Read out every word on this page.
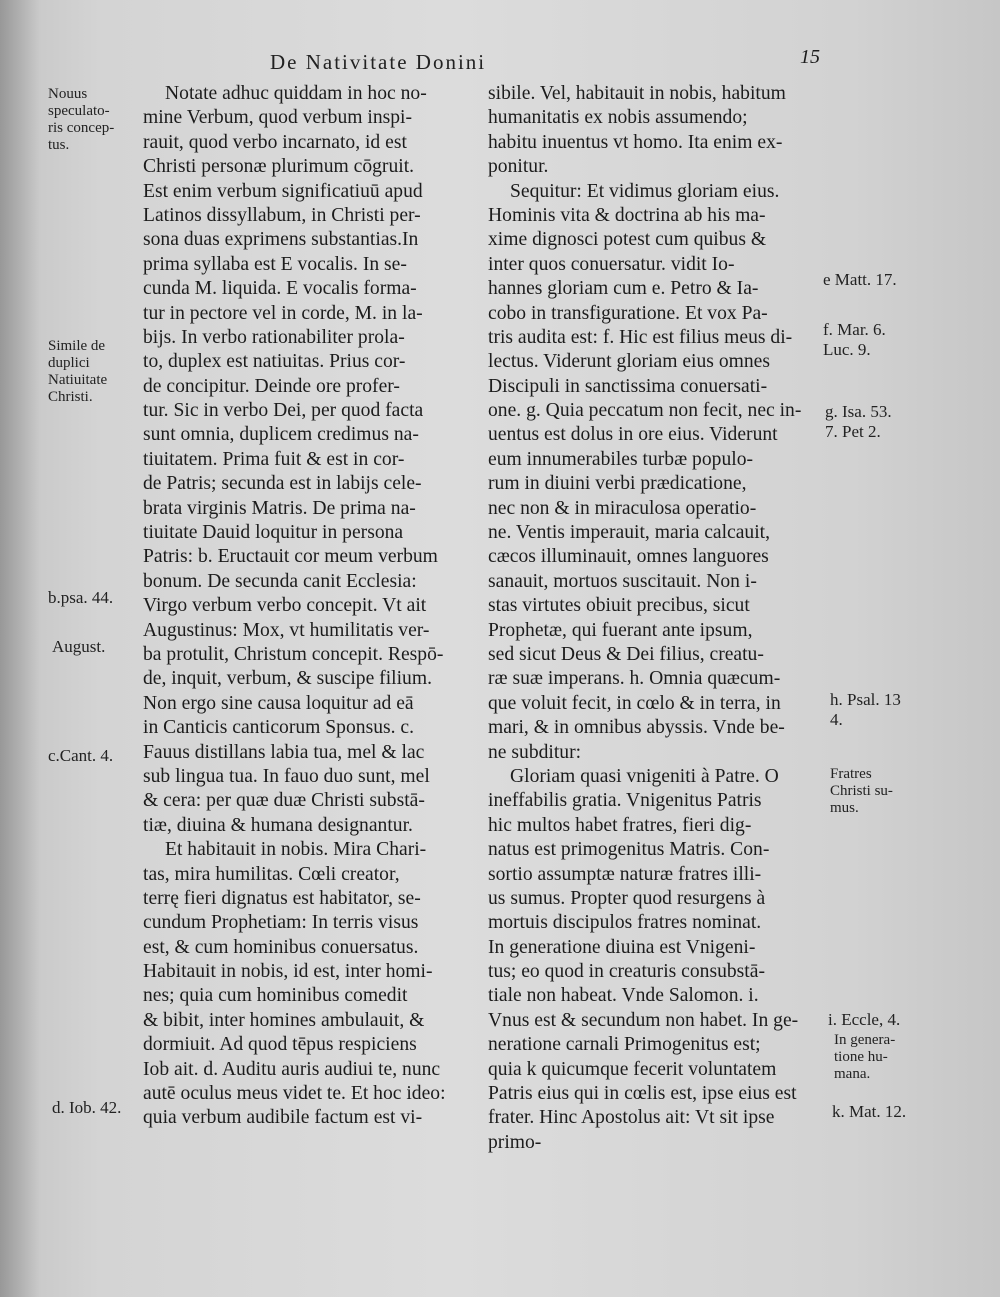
De Nativitate Donini	15
Notate adhuc quiddam in hoc no-
mine Verbum, quod verbum inspi-
rauit, quod verbo incarnato, id est
Christi personæ plurimum cōgruit.
Est enim verbum significatiuū apud
Latinos dissyllabum, in Christi per-
sona duas exprimens substantias.In
prima syllaba est E vocalis. In se-
cunda M. liquida. E vocalis forma-
tur in pectore vel in corde, M. in la-
bijs. In verbo rationabiliter prola-
to, duplex est natiuitas. Prius cor-
de concipitur. Deinde ore profer-
tur. Sic in verbo Dei, per quod facta
sunt omnia, duplicem credimus na-
tiuitatem. Prima fuit & est in cor-
de Patris; secunda est in labijs cele-
brata virginis Matris. De prima na-
tiuitate Dauid loquitur in persona
Patris: b. Eructauit cor meum verbum
bonum. De secunda canit Ecclesia:
Virgo verbum verbo concepit. Vt ait
Augustinus: Mox, vt humilitatis ver-
ba protulit, Christum concepit. Respō-
de, inquit, verbum, & suscipe filium.
Non ergo sine causa loquitur ad eā
in Canticis canticorum Sponsus. c.
Fauus distillans labia tua, mel & lac
sub lingua tua. In fauo duo sunt, mel
& cera: per quæ duæ Christi substā-
tiæ, diuina & humana designantur.
Et habitauit in nobis. Mira Chari-
tas, mira humilitas. Cœli creator,
terrę fieri dignatus est habitator, se-
cundum Prophetiam: In terris visus
est, & cum hominibus conuersatus.
Habitauit in nobis, id est, inter homi-
nes; quia cum hominibus comedit
& bibit, inter homines ambulauit, &
dormiuit. Ad quod tēpus respiciens
Iob ait. d. Auditu auris audiui te, nunc
autē oculus meus videt te. Et hoc ideo:
quia verbum audibile factum est vi-
sibile. Vel, habitauit in nobis, habitum
humanitatis ex nobis assumendo;
habitu inuentus vt homo. Ita enim ex-
ponitur.
Sequitur: Et vidimus gloriam eius.
Hominis vita & doctrina ab his ma-
xime dignosci potest cum quibus &
inter quos conuersatur. vidit Io-
hannes gloriam cum e. Petro & Ia-
cobo in transfiguratione. Et vox Pa-
tris audita est: f. Hic est filius meus di-
lectus. Viderunt gloriam eius omnes
Discipuli in sanctissima conuersati-
one. g. Quia peccatum non fecit, nec in-
uentus est dolus in ore eius. Viderunt
eum innumerabiles turbæ populo-
rum in diuini verbi prædicatione,
nec non & in miraculosa operatio-
ne. Ventis imperauit, maria calcauit,
cæcos illuminauit, omnes languores
sanauit, mortuos suscitauit. Non i-
stas virtutes obiuit precibus, sicut
Prophetæ, qui fuerant ante ipsum,
sed sicut Deus & Dei filius, creatu-
ræ suæ imperans. h. Omnia quæcum-
que voluit fecit, in cœlo & in terra, in
mari, & in omnibus abyssis. Vnde be-
ne subditur:
Gloriam quasi vnigeniti à Patre. O
ineffabilis gratia. Vnigenitus Patris
hic multos habet fratres, fieri dig-
natus est primogenitus Matris. Con-
sortio assumptæ naturæ fratres illi-
us sumus. Propter quod resurgens à
mortuis discipulos fratres nominat.
In generatione diuina est Vnigeni-
tus; eo quod in creaturis consubstā-
tiale non habeat. Vnde Salomon. i.
Vnus est & secundum non habet. In ge-
neratione carnali Primogenitus est;
quia k quicumque fecerit voluntatem
Patris eius qui in cœlis est, ipse eius est
frater. Hinc Apostolus ait: Vt sit ipse
primo-
Nouus
speculato-
ris concep-
tus.
Simile de
duplici
Natiuitate
Christi.
b.psa. 44.
August.
c.Cant. 4.
d. Iob. 42.
e Matt. 17.
f. Mar. 6.
Luc. 9.
g. Isa. 53.
7. Pet 2.
h. Psal. 13
4.
Fratres
Christi su-
mus.
i. Eccle, 4.
In genera-
tione hu-
mana.
k. Mat. 12.
